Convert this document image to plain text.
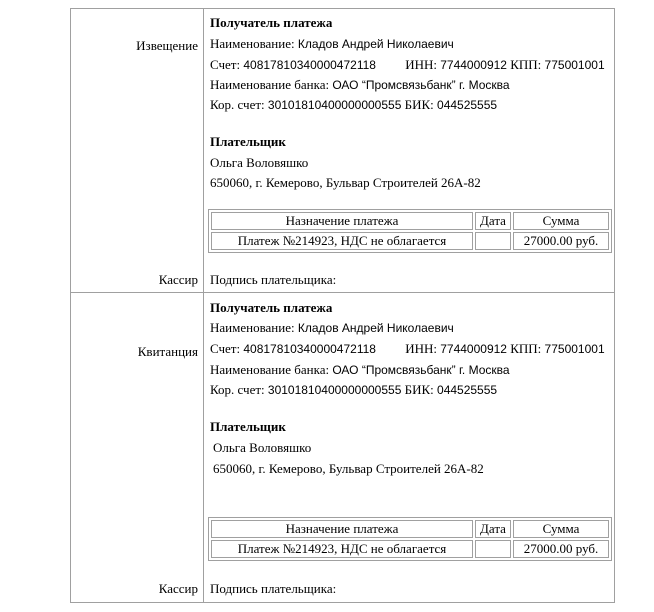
Извещение
Кассир
Получатель платежа
Наименование: Кладов Андрей Николаевич
Счет: 40817810340000472118 ИНН: 7744000912 КПП: 775001001
Наименование банка: ОАО “Промсвязьбанк” г. Москва
Кор. счет: 30101810400000000555 БИК: 044525555
Плательщик
Ольга Воловяшко
650060, г. Кемерово, Бульвар Строителей 26А-82
Назначение платежа	Дата	Сумма
Платеж №214923, НДС не облагается		27000.00 руб.
Подпись плательщика:
Квитанция
Кассир
Получатель платежа
Наименование: Кладов Андрей Николаевич
Счет: 40817810340000472118 ИНН: 7744000912 КПП: 775001001
Наименование банка: ОАО “Промсвязьбанк” г. Москва
Кор. счет: 30101810400000000555 БИК: 044525555
Плательщик
Ольга Воловяшко
650060, г. Кемерово, Бульвар Строителей 26А-82
Назначение платежа	Дата	Сумма
Платеж №214923, НДС не облагается		27000.00 руб.
Подпись плательщика:
